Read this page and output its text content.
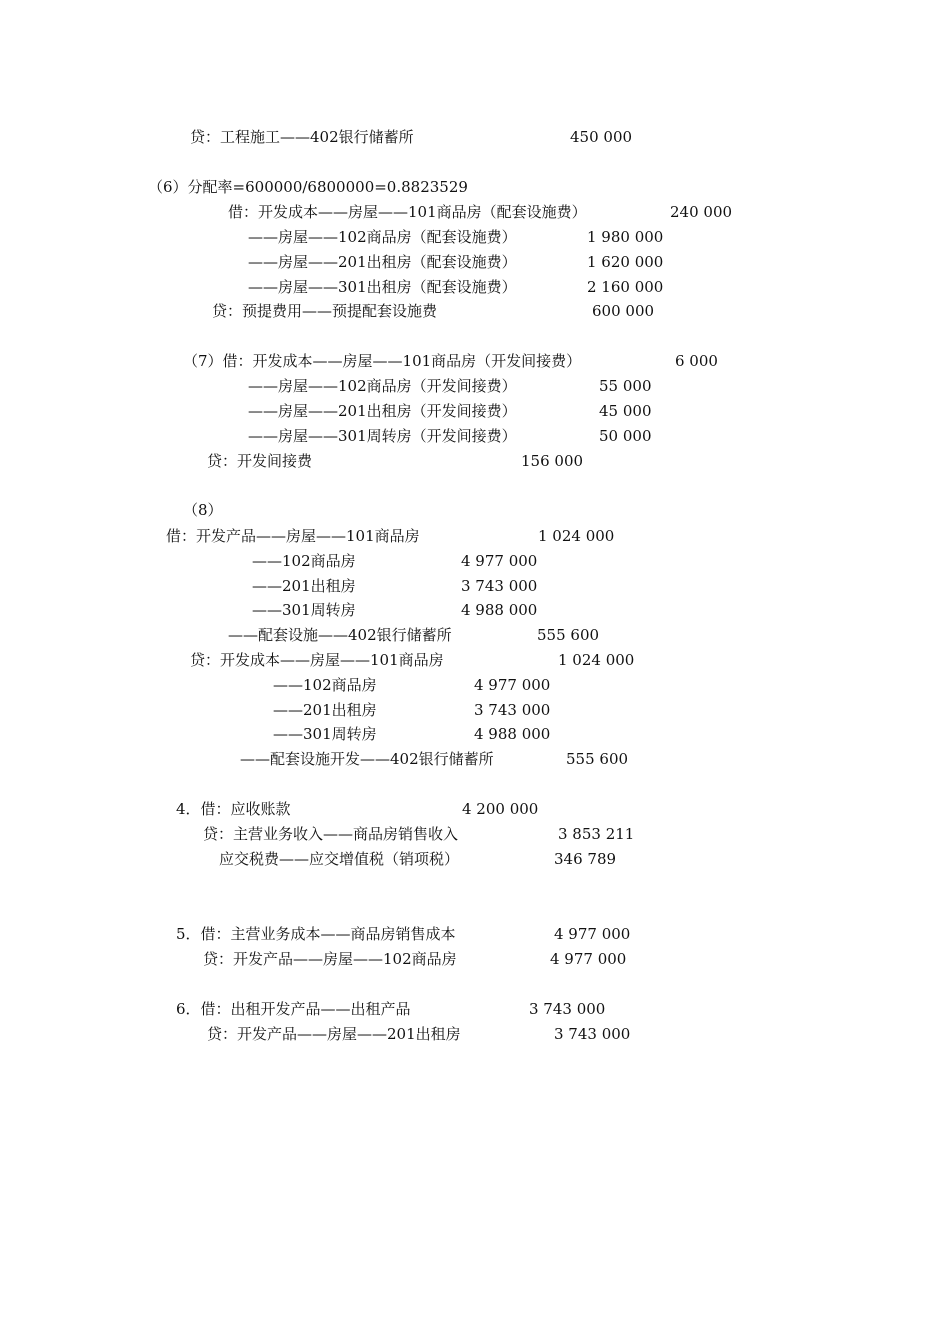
贷：工程施工——402银行储蓄所	450 000
（6）分配率=600000/6800000=0.8823529
借：开发成本——房屋——101商品房（配套设施费）	240 000
——房屋——102商品房（配套设施费）	1 980 000
——房屋——201出租房（配套设施费）	1 620 000
——房屋——301出租房（配套设施费）	2 160 000
贷：预提费用——预提配套设施费	600 000
（7）借：开发成本——房屋——101商品房（开发间接费）	6 000
——房屋——102商品房（开发间接费）	55 000
——房屋——201出租房（开发间接费）	45 000
——房屋——301周转房（开发间接费）	50 000
贷：开发间接费	156 000
（8）
借：开发产品——房屋——101商品房	1 024 000
——102商品房	4 977 000
——201出租房	3 743 000
——301周转房	4 988 000
——配套设施——402银行储蓄所	555 600
贷：开发成本——房屋——101商品房	1 024 000
——102商品房	4 977 000
——201出租房	3 743 000
——301周转房	4 988 000
——配套设施开发——402银行储蓄所	555 600
4．借：应收账款	4 200 000
贷：主营业务收入——商品房销售收入	3 853 211
应交税费——应交增值税（销项税）	346 789
5．借：主营业务成本——商品房销售成本	4 977 000
贷：开发产品——房屋——102商品房	4 977 000
6．借：出租开发产品——出租产品	3 743 000
贷：开发产品——房屋——201出租房	3 743 000
